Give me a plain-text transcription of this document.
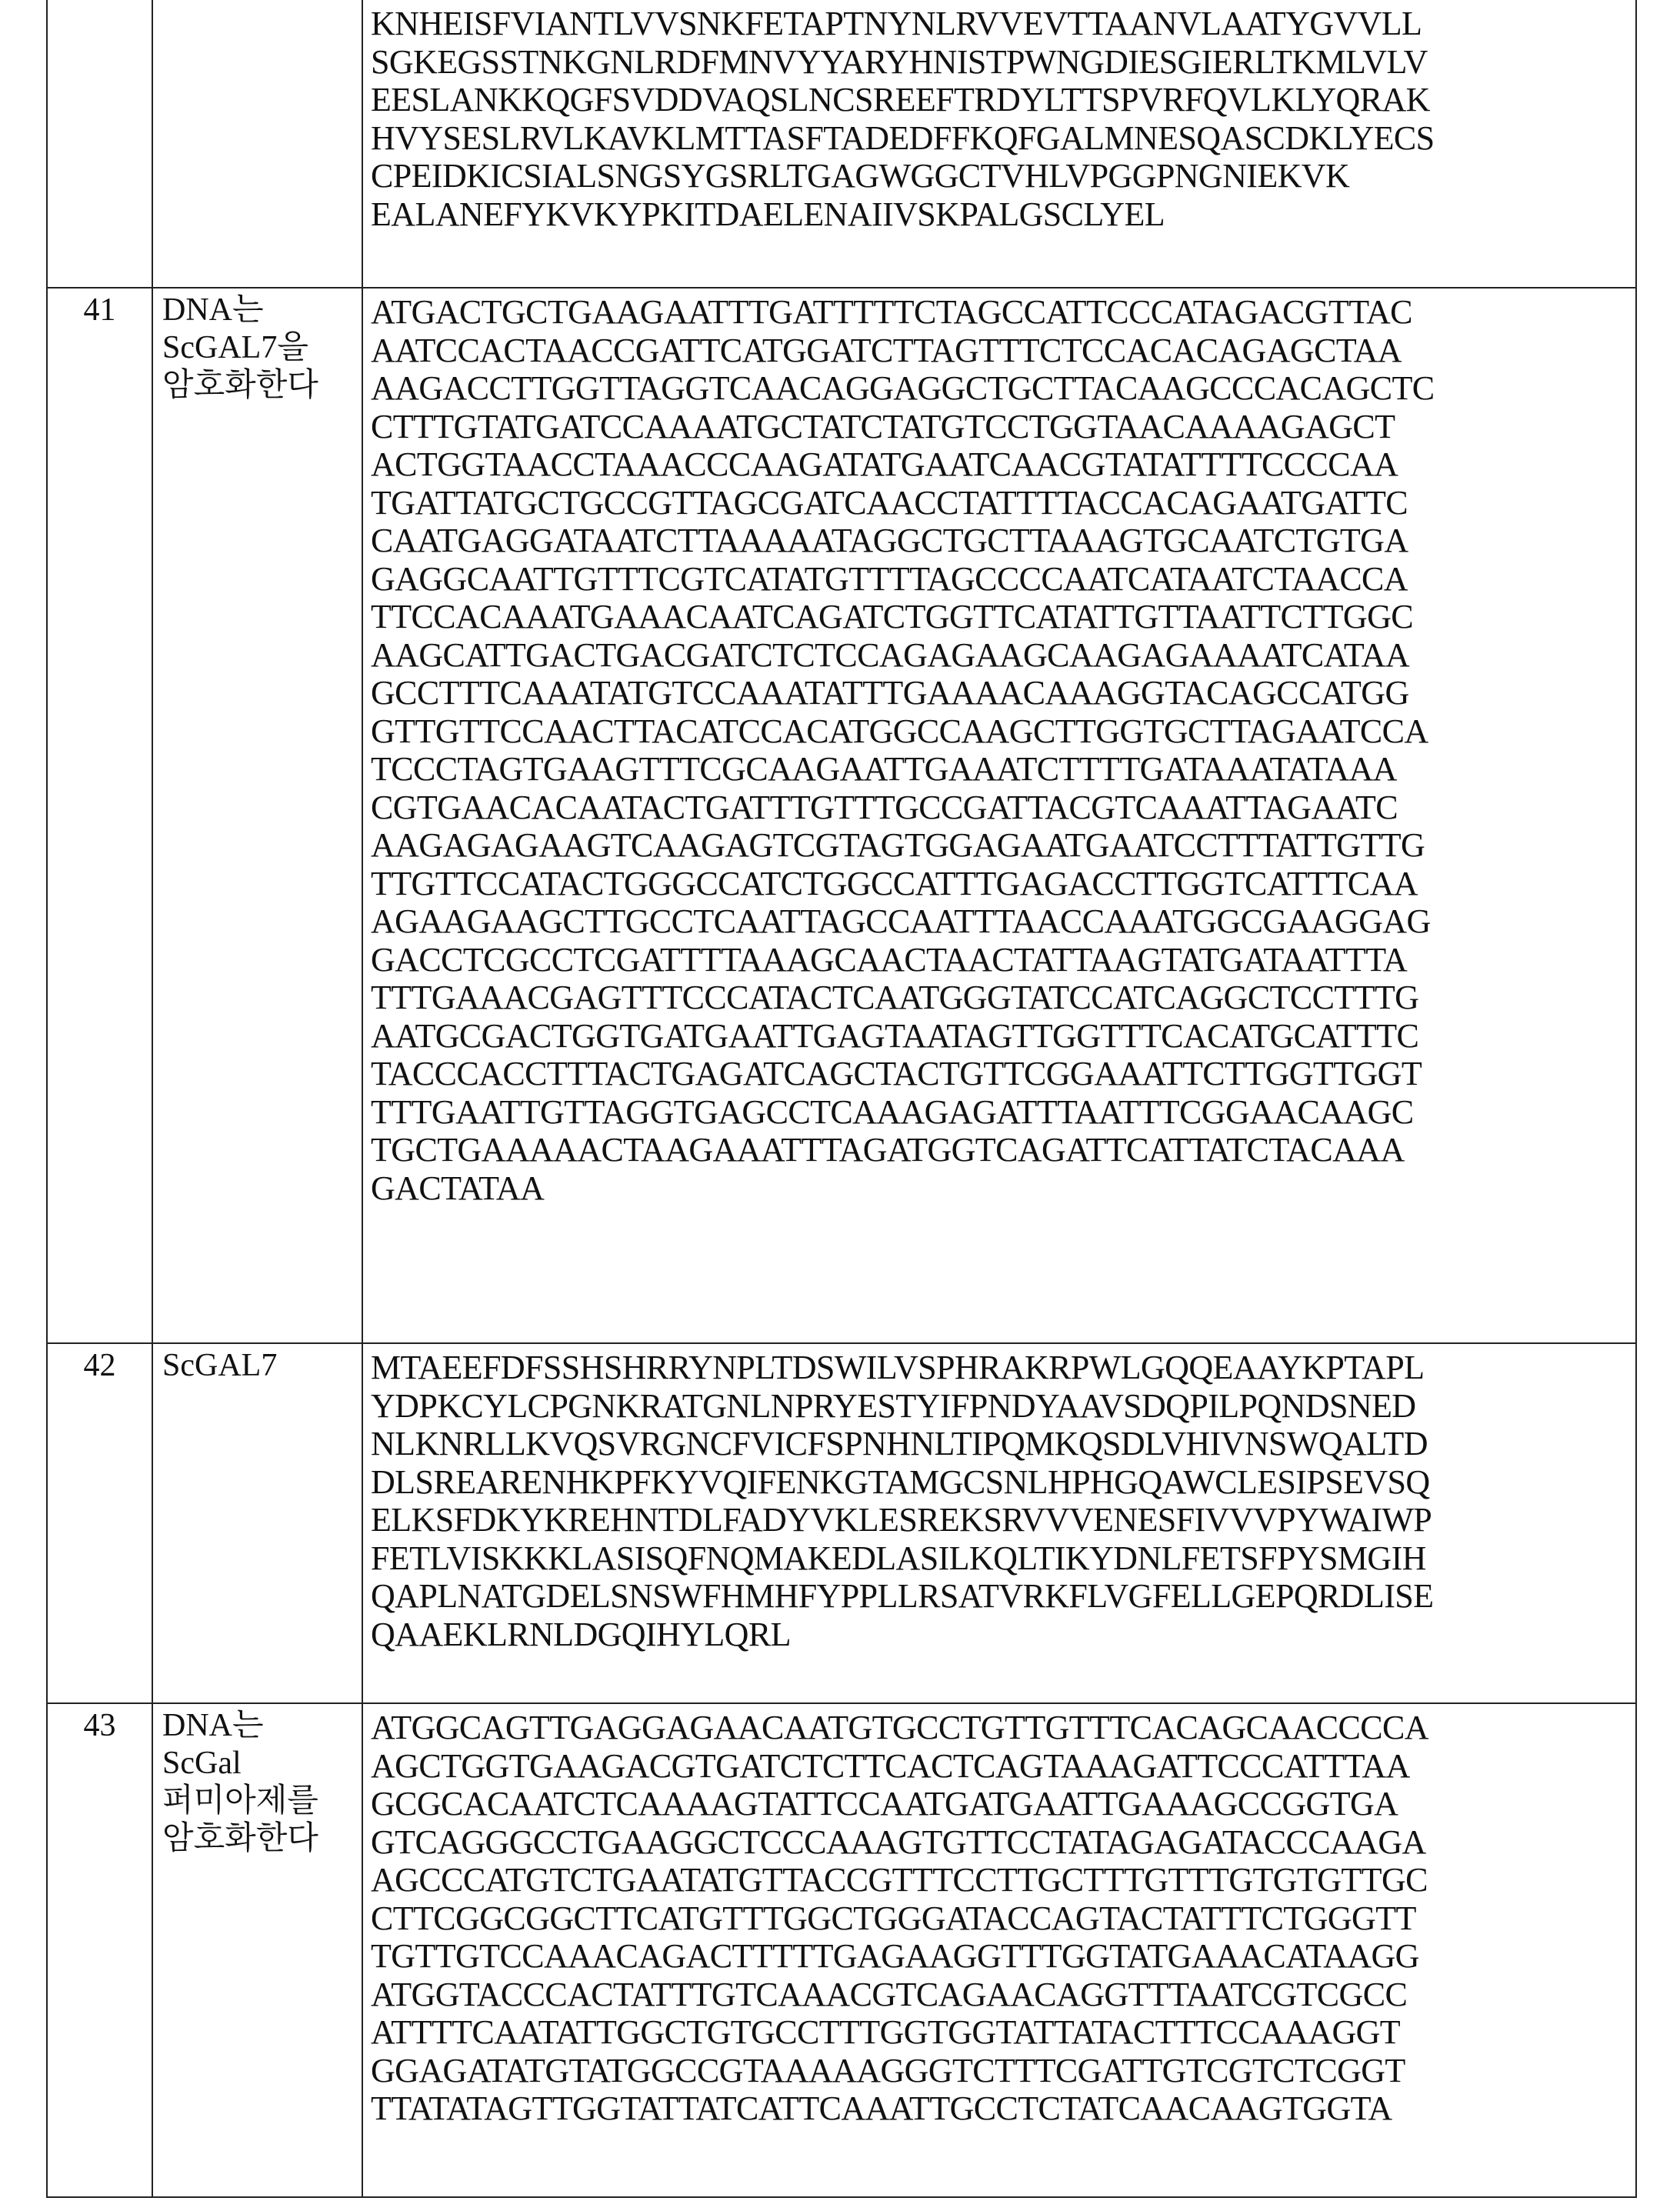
KNHEISFVIANTLVVSNKFETAPTNYNLRVVEVTTAANVLAATYGVVLL
SGKEGSSTNKGNLRDFMNVYYARYHNISTPWNGDIESGIERLTKMLVLV
EESLANKKQGFSVDDVAQSLNCSREEFTRDYLTTSPVRFQVLKLYQRAK
HVYSESLRVLKAVKLMTTASFTADEDFFKQFGALMNESQASCDKLYECS
CPEIDKICSIALSNGSYGSRLTGAGWGGCTVHLVPGGPNGNIEKVK
EALANEFYKVKYPKITDAELENAIIVSKPALGSCLYEL

41	DNA는
ScGAL7을
암호화한다

ATGACTGCTGAAGAATTTGATTTTTCTAGCCATTCCCATAGACGTTAC
AATCCACTAACCGATTCATGGATCTTAGTTTCTCCACACAGAGCTAA
AAGACCTTGGTTAGGTCAACAGGAGGCTGCTTACAAGCCCACAGCTC
CTTTGTATGATCCAAAATGCTATCTATGTCCTGGTAACAAAAGAGCT
ACTGGTAACCTAAACCCAAGATATGAATCAACGTATATTTTCCCCAA
TGATTATGCTGCCGTTAGCGATCAACCTATTTTACCACAGAATGATTC
CAATGAGGATAATCTTAAAAATAGGCTGCTTAAAGTGCAATCTGTGA
GAGGCAATTGTTTCGTCATATGTTTTAGCCCCAATCATAATCTAACCA
TTCCACAAATGAAACAATCAGATCTGGTTCATATTGTTAATTCTTGGC
AAGCATTGACTGACGATCTCTCCAGAGAAGCAAGAGAAAATCATAA
GCCTTTCAAATATGTCCAAATATTTGAAAACAAAGGTACAGCCATGG
GTTGTTCCAACTTACATCCACATGGCCAAGCTTGGTGCTTAGAATCCA
TCCCTAGTGAAGTTTCGCAAGAATTGAAATCTTTTGATAAATATAAA
CGTGAACACAATACTGATTTGTTTGCCGATTACGTCAAATTAGAATC
AAGAGAGAAGTCAAGAGTCGTAGTGGAGAATGAATCCTTTATTGTTG
TTGTTCCATACTGGGCCATCTGGCCATTTGAGACCTTGGTCATTTCAA
AGAAGAAGCTTGCCTCAATTAGCCAATTTAACCAAATGGCGAAGGAG
GACCTCGCCTCGATTTTAAAGCAACTAACTATTAAGTATGATAATTTA
TTTGAAACGAGTTTCCCATACTCAATGGGTATCCATCAGGCTCCTTTG
AATGCGACTGGTGATGAATTGAGTAATAGTTGGTTTCACATGCATTTC
TACCCACCTTTACTGAGATCAGCTACTGTTCGGAAATTCTTGGTTGGT
TTTGAATTGTTAGGTGAGCCTCAAAGAGATTTAATTTCGGAACAAGC
TGCTGAAAAACTAAGAAATTTAGATGGTCAGATTCATTATCTACAAA
GACTATAA

42	ScGAL7	MTAEEFDFSSHSHRRYNPLTDSWILVSPHRAKRPWLGQQEAAYKPTAPL
YDPKCYLCPGNKRATGNLNPRYESTYIFPNDYAAVSDQPILPQNDSNED
NLKNRLLKVQSVRGNCFVICFSPNHNLTIPQMKQSDLVHIVNSWQALTD
DLSREARENHKPFKYVQIFENKGTAMGCSNLHPHGQAWCLESIPSEVSQ
ELKSFDKYKREHNTDLFADYVKLESREKSRVVVENESFIVVVPYWAIWP
FETLVISKKKLASISQFNQMAKEDLASILKQLTIKYDNLFETSFPYSMGIH
QAPLNATGDELSNSWFHMHFYPPLLRSATVRKFLVGFELLGEPQRDLISE
QAAEKLRNLDGQIHYLQRL

43	DNA는
ScGal
퍼미아제를
암호화한다

ATGGCAGTTGAGGAGAACAATGTGCCTGTTGTTTCACAGCAACCCCA
AGCTGGTGAAGACGTGATCTCTTCACTCAGTAAAGATTCCCATTTAA
GCGCACAATCTCAAAAGTATTCCAATGATGAATTGAAAGCCGGTGA
GTCAGGGCCTGAAGGCTCCCAAAGTGTTCCTATAGAGATACCCAAGA
AGCCCATGTCTGAATATGTTACCGTTTCCTTGCTTTGTTTGTGTGTTGC
CTTCGGCGGCTTCATGTTTGGCTGGGATACCAGTACTATTTCTGGGTT
TGTTGTCCAAACAGACTTTTTGAGAAGGTTTGGTATGAAACATAAGG
ATGGTACCCACTATTTGTCAAACGTCAGAACAGGTTTAATCGTCGCC
ATTTTCAATATTGGCTGTGCCTTTGGTGGTATTATACTTTCCAAAGGT
GGAGATATGTATGGCCGTAAAAAGGGTCTTTCGATTGTCGTCTCGGT
TTATATAGTTGGTATTATCATTCAAATTGCCTCTATCAACAAGTGGTA
